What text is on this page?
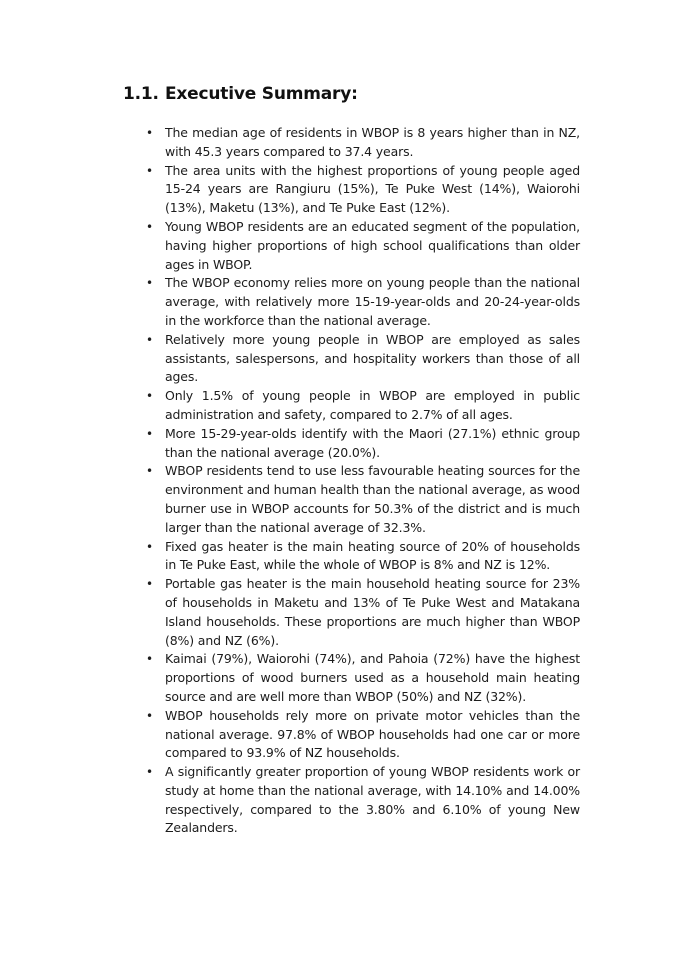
1.1. Executive Summary:
• The median age of residents in WBOP is 8 years higher than in NZ, with 45.3 years compared to 37.4 years.
• The area units with the highest proportions of young people aged 15-24 years are Rangiuru (15%), Te Puke West (14%), Waiorohi (13%), Maketu (13%), and Te Puke East (12%).
• Young WBOP residents are an educated segment of the population, having higher proportions of high school qualifications than older ages in WBOP.
• The WBOP economy relies more on young people than the national average, with relatively more 15-19-year-olds and 20-24-year-olds in the workforce than the national average.
• Relatively more young people in WBOP are employed as sales assistants, salespersons, and hospitality workers than those of all ages.
• Only 1.5% of young people in WBOP are employed in public administration and safety, compared to 2.7% of all ages.
• More 15-29-year-olds identify with the Maori (27.1%) ethnic group than the national average (20.0%).
• WBOP residents tend to use less favourable heating sources for the environment and human health than the national average, as wood burner use in WBOP accounts for 50.3% of the district and is much larger than the national average of 32.3%.
• Fixed gas heater is the main heating source of 20% of households in Te Puke East, while the whole of WBOP is 8% and NZ is 12%.
• Portable gas heater is the main household heating source for 23% of households in Maketu and 13% of Te Puke West and Matakana Island households. These proportions are much higher than WBOP (8%) and NZ (6%).
• Kaimai (79%), Waiorohi (74%), and Pahoia (72%) have the highest proportions of wood burners used as a household main heating source and are well more than WBOP (50%) and NZ (32%).
• WBOP households rely more on private motor vehicles than the national average. 97.8% of WBOP households had one car or more compared to 93.9% of NZ households.
• A significantly greater proportion of young WBOP residents work or study at home than the national average, with 14.10% and 14.00% respectively, compared to the 3.80% and 6.10% of young New Zealanders.
